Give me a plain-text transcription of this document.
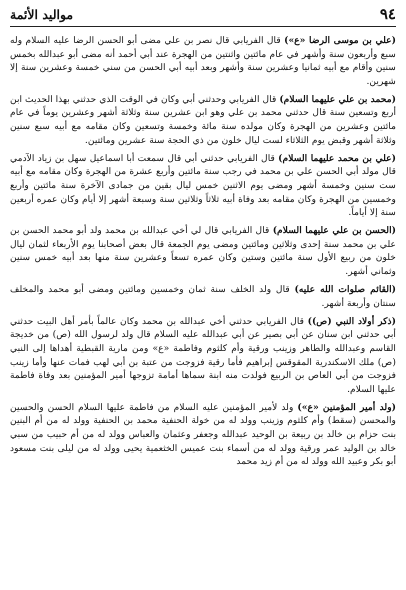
٩٤
مواليد الأئمة

(علي بن موسى الرضا «ع») قال الفريابي قال نصر بن علي مضى أبو الحسن الرضا عليه السلام وله سبع وأربعون سنة وأشهر في عام مائتين واثنتين من الهجرة عند أبي أحمد أنه مضى أبو عبدالله بخمس سنين وأقام مع أبيه ثمانيا وعشرين سنة وأشهر وبعد أبيه أبي الحسن من سني خمسة وعشرين سنة إلا شهرين.

(محمد بن علي عليهما السلام) قال الفريابي وحدثني أبي وكان في الوقت الذي حدثني بهذا الحديث ابن أربع وتسعين سنة قال حدثني محمد بن علي وهو ابن عشرين سنة وثلاثة أشهر وعشرين يوماً في عام مائتين وعشرين من الهجرة وكان مولده سنة مائة وخمسة وتسعين وكان مقامه مع أبيه سبع سنين وثلاثة أشهر وقبض يوم الثلاثاء لست ليال خلون من ذي الحجة سنة عشرين ومائتين.

(علي بن محمد عليهما السلام) قال الفريابي حدثني أبي قال سمعت أبا اسماعيل سهل بن زياد الآدمي قال مولد أبي الحسن علي بن محمد في رجب سنة مائتين وأربع عشرة من الهجرة وكان مقامه مع أبيه ست سنين وخمسة أشهر ومضى يوم الاثنين خمس ليال بقين من جمادى الآخرة سنة مائتين وأربع وخمسين من الهجرة وكان مقامه بعد وفاة أبيه ثلاثاً وثلاثين سنة وسبعة أشهر إلا أيام وكان عمره أربعين سنة إلا أياماً.

(الحسن بن علي عليهما السلام) قال الفريابي قال لي أخي عبدالله بن محمد ولد أبو محمد الحسن بن علي بن محمد سنة إحدى وثلاثين ومائتين ومضى يوم الجمعة قال بعض أصحابنا يوم الأربعاء لثمان ليال خلون من ربيع الأول سنة مائتين وستين وكان عمره تسعاً وعشرين سنة منها بعد أبيه خمس سنين وثماني أشهر.

(القائم صلوات الله عليه) قال ولد الخلف سنة ثمان وخمسين ومائتين ومضى أبو محمد والمخلف سنتان وأربعة أشهر.

(ذكر أولاد النبي (ص)) قال الفريابي حدثني أخي عبدالله بن محمد وكان عالماً بأمر أهل البيت حدثني أبي حدثني ابن سنان عن أبي بصير عن أبي عبدالله عليه السلام قال ولد لرسول الله (ص) من خديجة القاسم وعبدالله والطاهر وزينب ورقية وأم كلثوم وفاطمة «ع» ومن مارية القبطية أهداها إلى النبي (ص) ملك الاسكندرية المقوقس إبراهيم فأما رقية فزوجت من عتبة بن أبي لهب فمات عنها وأما زينب فزوجت من أبي العاص بن الربيع فولدت منه ابنة سماها أمامة تزوجها أمير المؤمنين بعد وفاة فاطمة عليها السلام.

(ولد أمير المؤمنين «ع») ولد لأمير المؤمنين عليه السلام من فاطمة عليها السلام الحسن والحسين والمحسن (سقط) وأم كلثوم وزينب وولد له من خولة الحنفية محمد بن الحنفية وولد له من أم البنين بنت حزام بن خالد بن ربيعة بن الوحيد عبدالله وجعفر وعثمان والعباس وولد له من أم حبيب من سبي خالد بن الوليد عمر ورقية وولد له من أسماء بنت عميس الخثعمية يحيى وولد له من ليلى بنت مسعود أبو بكر وعبيد الله وولد له من أم زيد محمد
